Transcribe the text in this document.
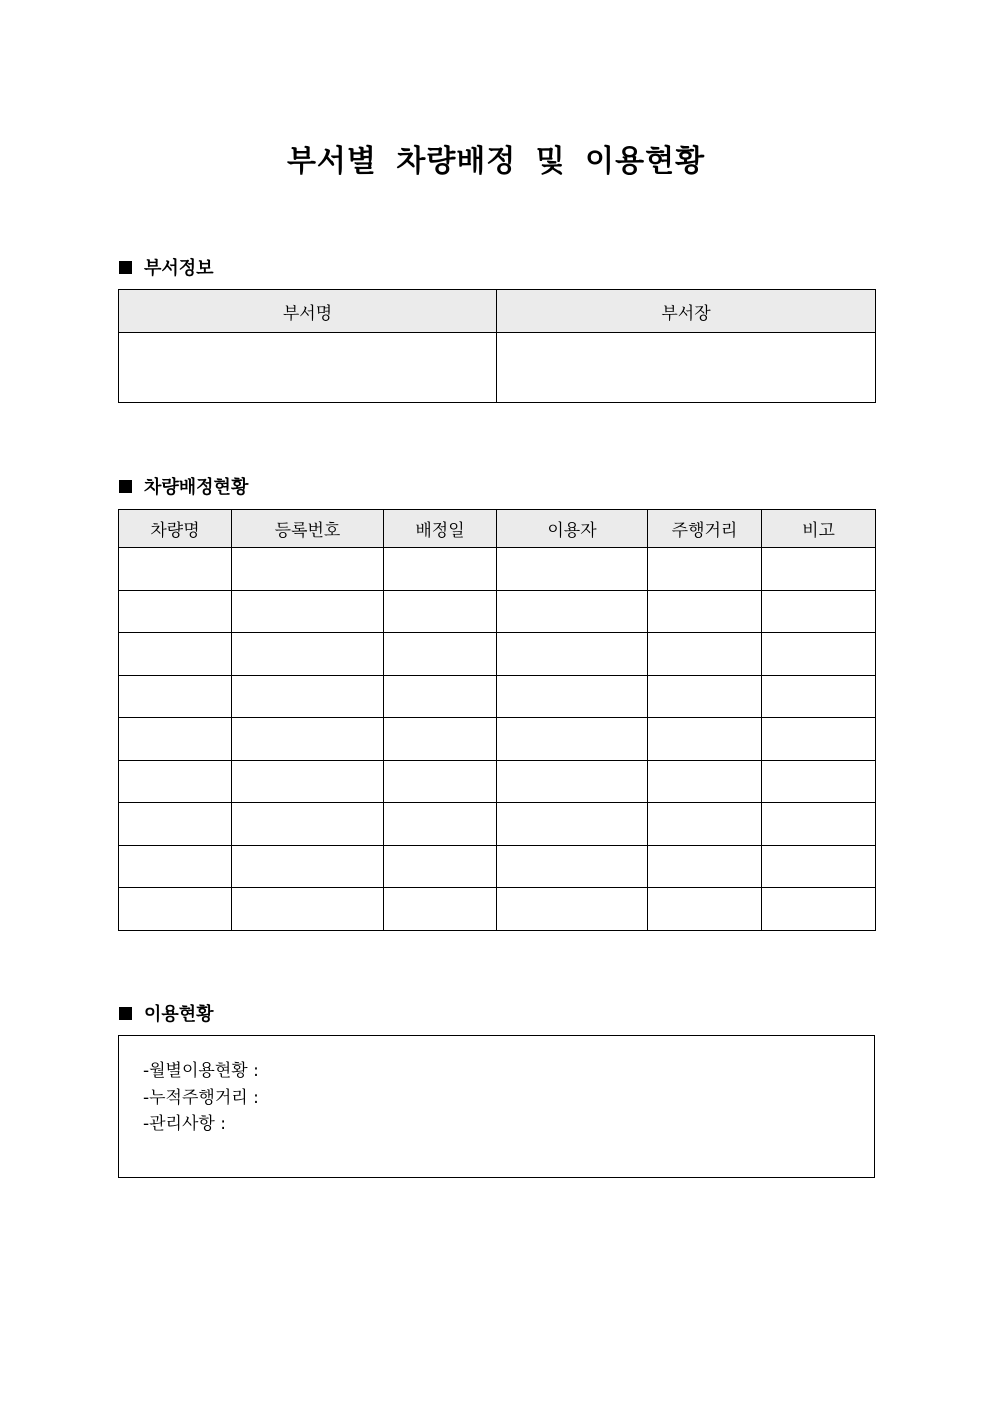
부서별 차량배정 및 이용현황
부서정보
부서명	부서장

차량배정현황
차량명	등록번호	배정일	이용자	주행거리	비고

이용현황
-월별이용현황 :
-누적주행거리 :
-관리사항 :
